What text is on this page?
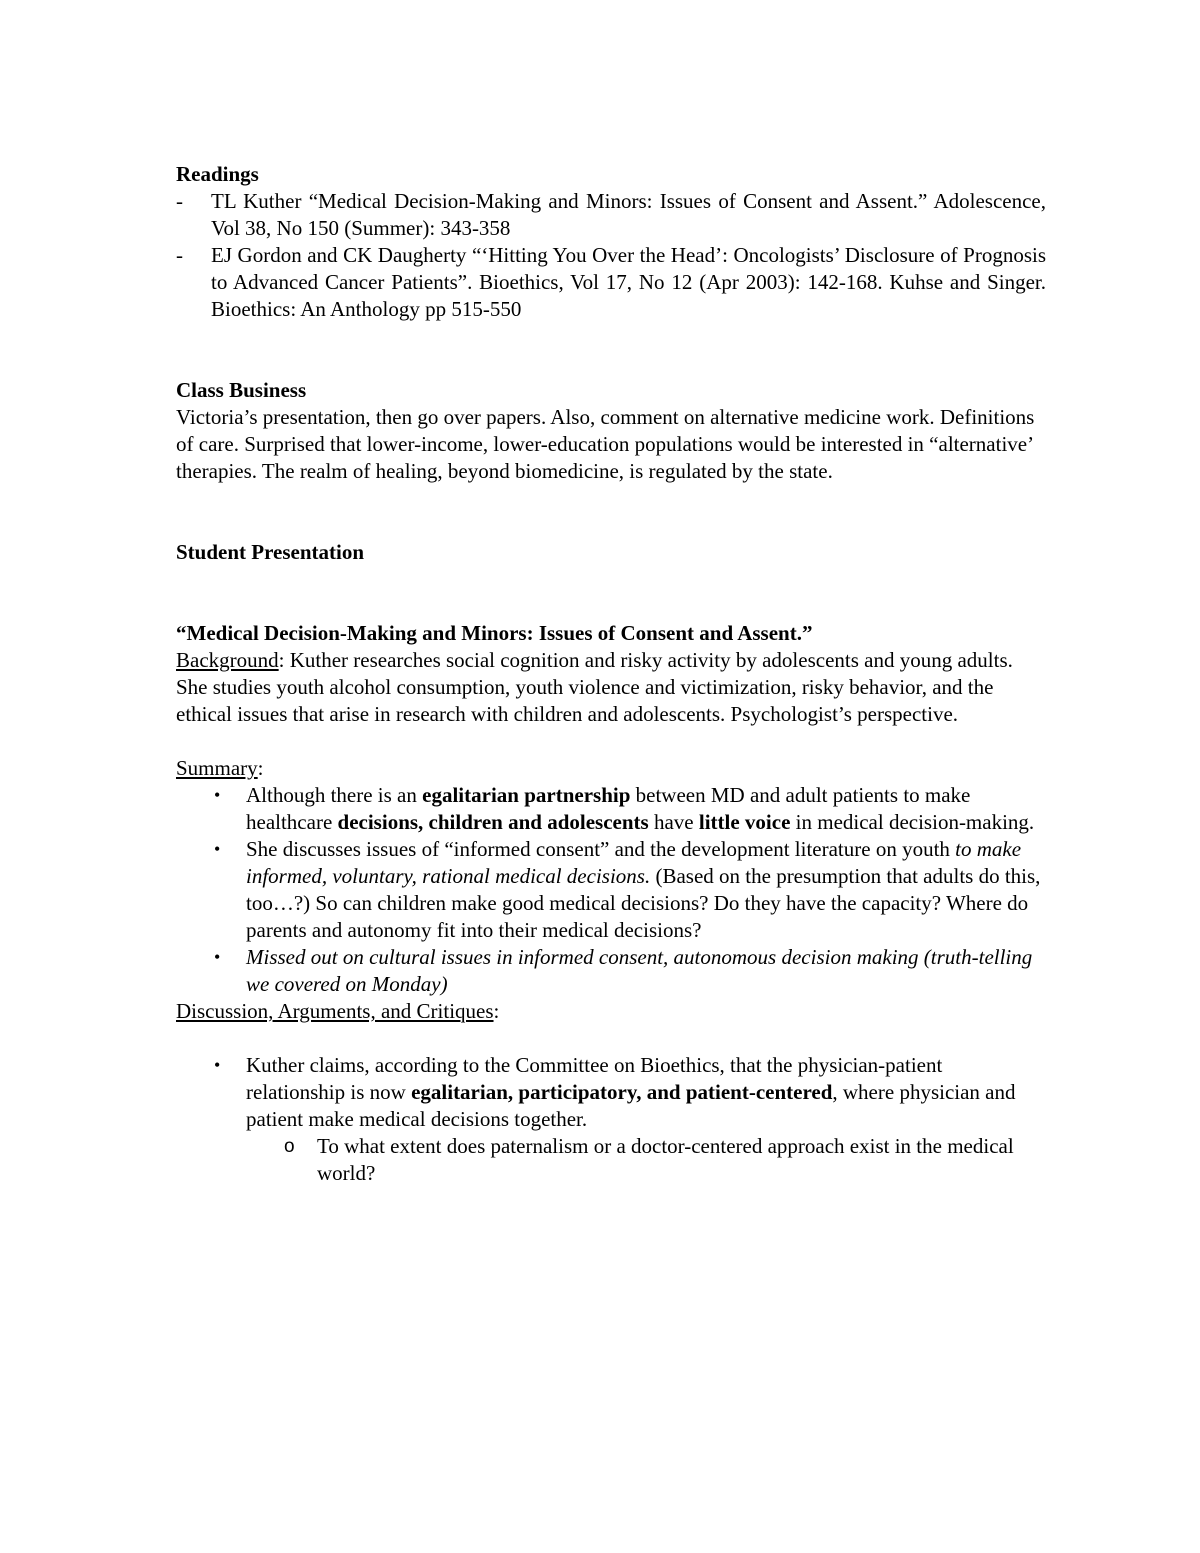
Readings

- TL Kuther “Medical Decision-Making and Minors: Issues of Consent and Assent.” Adolescence, Vol 38, No 150 (Summer): 343-358
- EJ Gordon and CK Daugherty “‘Hitting You Over the Head’: Oncologists’ Disclosure of Prognosis to Advanced Cancer Patients”. Bioethics, Vol 17, No 12 (Apr 2003): 142-168. Kuhse and Singer. Bioethics: An Anthology pp 515-550

Class Business

Victoria’s presentation, then go over papers. Also, comment on alternative medicine work. Definitions of care. Surprised that lower-income, lower-education populations would be interested in “alternative’ therapies. The realm of healing, beyond biomedicine, is regulated by the state.

Student Presentation

“Medical Decision-Making and Minors: Issues of Consent and Assent.”

Background: Kuther researches social cognition and risky activity by adolescents and young adults. She studies youth alcohol consumption, youth violence and victimization, risky behavior, and the ethical issues that arise in research with children and adolescents. Psychologist’s perspective.

Summary:

• Although there is an egalitarian partnership between MD and adult patients to make healthcare decisions, children and adolescents have little voice in medical decision-making.
• She discusses issues of “informed consent” and the development literature on youth to make informed, voluntary, rational medical decisions. (Based on the presumption that adults do this, too…?) So can children make good medical decisions? Do they have the capacity? Where do parents and autonomy fit into their medical decisions?
• Missed out on cultural issues in informed consent, autonomous decision making (truth-telling we covered on Monday)

Discussion, Arguments, and Critiques:

• Kuther claims, according to the Committee on Bioethics, that the physician-patient relationship is now egalitarian, participatory, and patient-centered, where physician and patient make medical decisions together.
o To what extent does paternalism or a doctor-centered approach exist in the medical world?
